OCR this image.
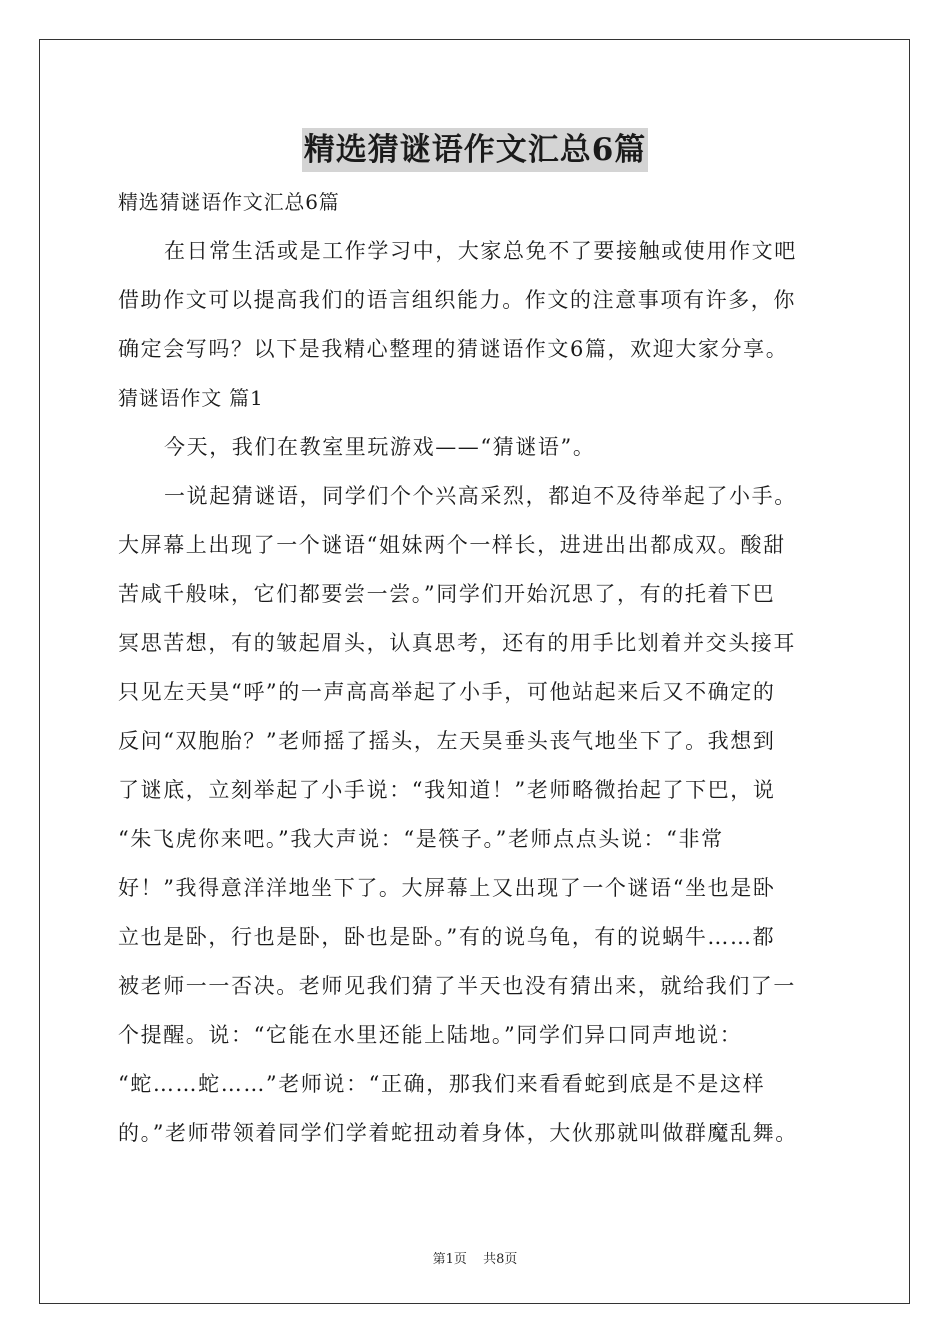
精选猜谜语作文汇总6篇
精选猜谜语作文汇总6篇
在日常生活或是工作学习中，大家总免不了要接触或使用作文吧
借助作文可以提高我们的语言组织能力。作文的注意事项有许多，你
确定会写吗？以下是我精心整理的猜谜语作文6篇，欢迎大家分享。
猜谜语作文 篇1
今天，我们在教室里玩游戏——“猜谜语”。
一说起猜谜语，同学们个个兴高采烈，都迫不及待举起了小手。
大屏幕上出现了一个谜语“姐妹两个一样长，进进出出都成双。酸甜
苦咸千般味，它们都要尝一尝。”同学们开始沉思了，有的托着下巴
冥思苦想，有的皱起眉头，认真思考，还有的用手比划着并交头接耳
只见左天昊“呼”的一声高高举起了小手，可他站起来后又不确定的
反问“双胞胎？”老师摇了摇头，左天昊垂头丧气地坐下了。我想到
了谜底，立刻举起了小手说：“我知道！”老师略微抬起了下巴，说
“朱飞虎你来吧。”我大声说：“是筷子。”老师点点头说：“非常
好！”我得意洋洋地坐下了。大屏幕上又出现了一个谜语“坐也是卧
立也是卧，行也是卧，卧也是卧。”有的说乌龟，有的说蜗牛……都
被老师一一否决。老师见我们猜了半天也没有猜出来，就给我们了一
个提醒。说：“它能在水里还能上陆地。”同学们异口同声地说：
“蛇……蛇……”老师说：“正确，那我们来看看蛇到底是不是这样
的。”老师带领着同学们学着蛇扭动着身体，大伙那就叫做群魔乱舞。
第1页 共8页
